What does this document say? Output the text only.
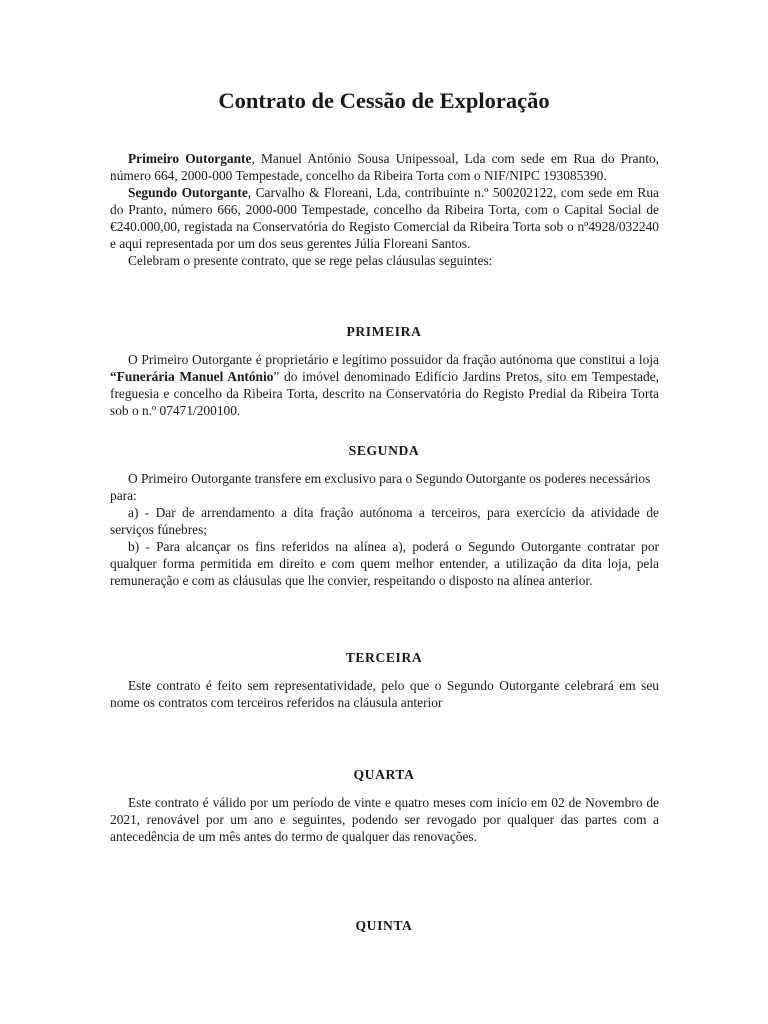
Contrato de Cessão de Exploração

Primeiro Outorgante, Manuel António Sousa Unipessoal, Lda com sede em Rua do Pranto, número 664, 2000-000 Tempestade, concelho da Ribeira Torta com o NIF/NIPC 193085390.

Segundo Outorgante, Carvalho & Floreani, Lda, contribuinte n.º 500202122, com sede em Rua do Pranto, número 666, 2000-000 Tempestade, concelho da Ribeira Torta, com o Capital Social de €240.000,00, registada na Conservatória do Registo Comercial da Ribeira Torta sob o nº4928/032240 e aqui representada por um dos seus gerentes Júlia Floreani Santos.

Celebram o presente contrato, que se rege pelas cláusulas seguintes:

PRIMEIRA

O Primeiro Outorgante é proprietário e legítimo possuidor da fração autónoma que constitui a loja “Funerária Manuel António” do imóvel denominado Edifício Jardins Pretos, sito em Tempestade, freguesia e concelho da Ribeira Torta, descrito na Conservatória do Registo Predial da Ribeira Torta sob o n.º 07471/200100.

SEGUNDA

O Primeiro Outorgante transfere em exclusivo para o Segundo Outorgante os poderes necessários

para:

a) - Dar de arrendamento a dita fração autónoma a terceiros, para exercício da atividade de serviços fúnebres;

b) - Para alcançar os fins referidos na alínea a), poderá o Segundo Outorgante contratar por qualquer forma permitida em direito e com quem melhor entender, a utilização da dita loja, pela remuneração e com as cláusulas que lhe convier, respeitando o disposto na alínea anterior.

TERCEIRA

Este contrato é feito sem representatividade, pelo que o Segundo Outorgante celebrará em seu nome os contratos com terceiros referidos na cláusula anterior

QUARTA

Este contrato é válido por um período de vinte e quatro meses com início em 02 de Novembro de 2021, renovável por um ano e seguintes, podendo ser revogado por qualquer das partes com a antecedência de um mês antes do termo de qualquer das renovações.

QUINTA
